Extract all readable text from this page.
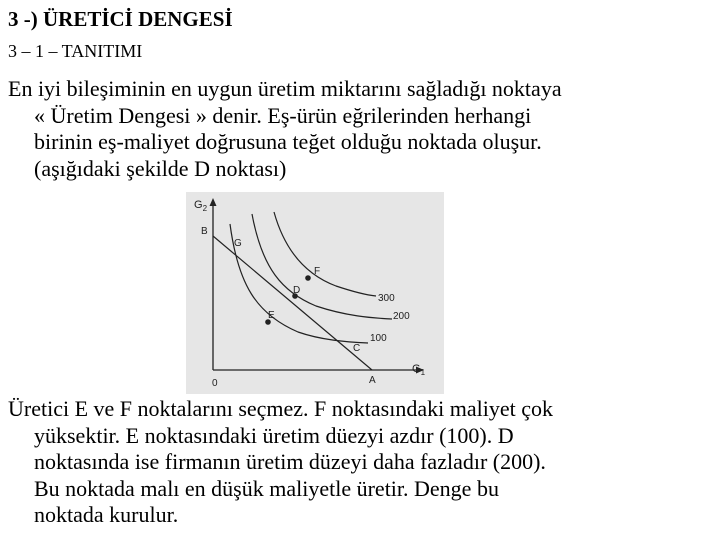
3 -) ÜRETİCİ DENGESİ
3 – 1 – TANITIMI
En iyi bileşiminin en uygun üretim miktarını sağladığı noktaya
« Üretim Dengesi » denir. Eş-ürün eğrilerinden herhangi
birinin eş-maliyet doğrusuna teğet olduğu noktada oluşur.
(aşığıdaki şekilde D noktası)
$G_2$
$G_1$
0
B
G
F
D
E
C
A
300
200
100
Üretici E ve F noktalarını seçmez. F noktasındaki maliyet çok
yüksektir. E noktasındaki üretim düezyi azdır (100). D
noktasında ise firmanın üretim düzeyi daha fazladır (200).
Bu noktada malı en düşük maliyetle üretir. Denge bu
noktada kurulur.
